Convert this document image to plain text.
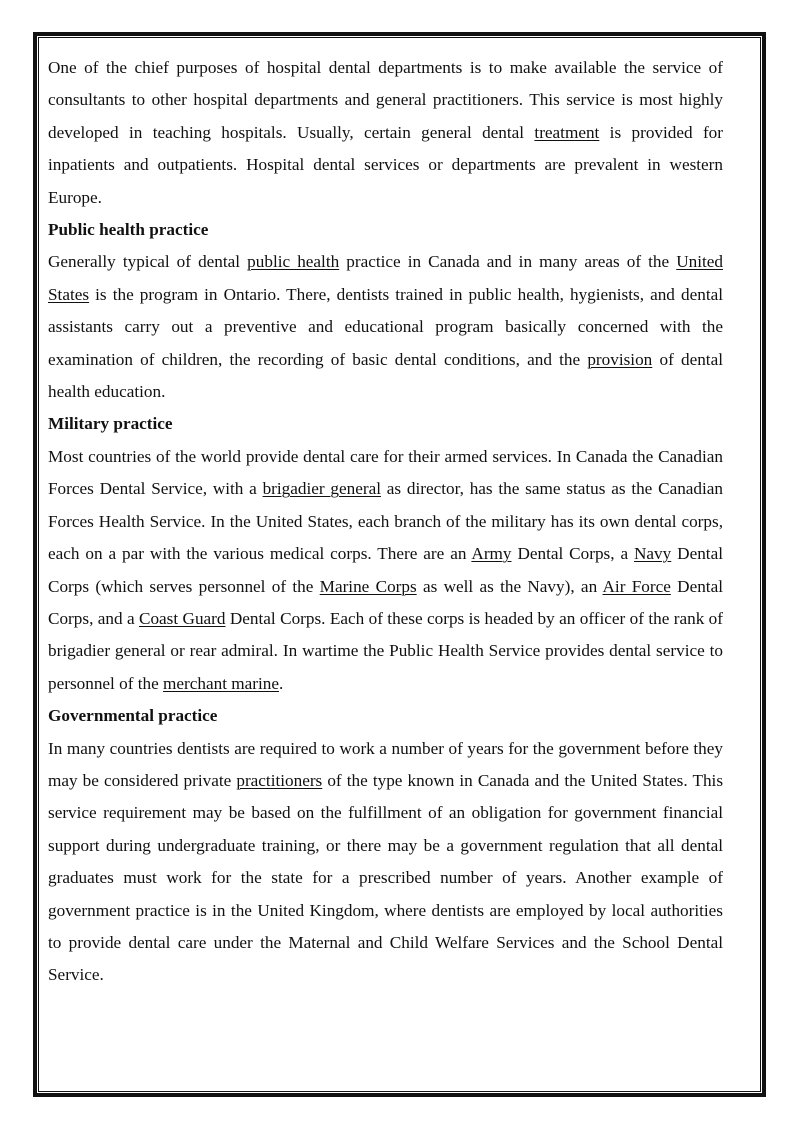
One of the chief purposes of hospital dental departments is to make available the service of consultants to other hospital departments and general practitioners. This service is most highly developed in teaching hospitals. Usually, certain general dental treatment is provided for inpatients and outpatients. Hospital dental services or departments are prevalent in western Europe.

Public health practice

Generally typical of dental public health practice in Canada and in many areas of the United States is the program in Ontario. There, dentists trained in public health, hygienists, and dental assistants carry out a preventive and educational program basically concerned with the examination of children, the recording of basic dental conditions, and the provision of dental health education.

Military practice

Most countries of the world provide dental care for their armed services. In Canada the Canadian Forces Dental Service, with a brigadier general as director, has the same status as the Canadian Forces Health Service. In the United States, each branch of the military has its own dental corps, each on a par with the various medical corps. There are an Army Dental Corps, a Navy Dental Corps (which serves personnel of the Marine Corps as well as the Navy), an Air Force Dental Corps, and a Coast Guard Dental Corps. Each of these corps is headed by an officer of the rank of brigadier general or rear admiral. In wartime the Public Health Service provides dental service to personnel of the merchant marine.

Governmental practice

In many countries dentists are required to work a number of years for the government before they may be considered private practitioners of the type known in Canada and the United States. This service requirement may be based on the fulfillment of an obligation for government financial support during undergraduate training, or there may be a government regulation that all dental graduates must work for the state for a prescribed number of years. Another example of government practice is in the United Kingdom, where dentists are employed by local authorities to provide dental care under the Maternal and Child Welfare Services and the School Dental Service.
